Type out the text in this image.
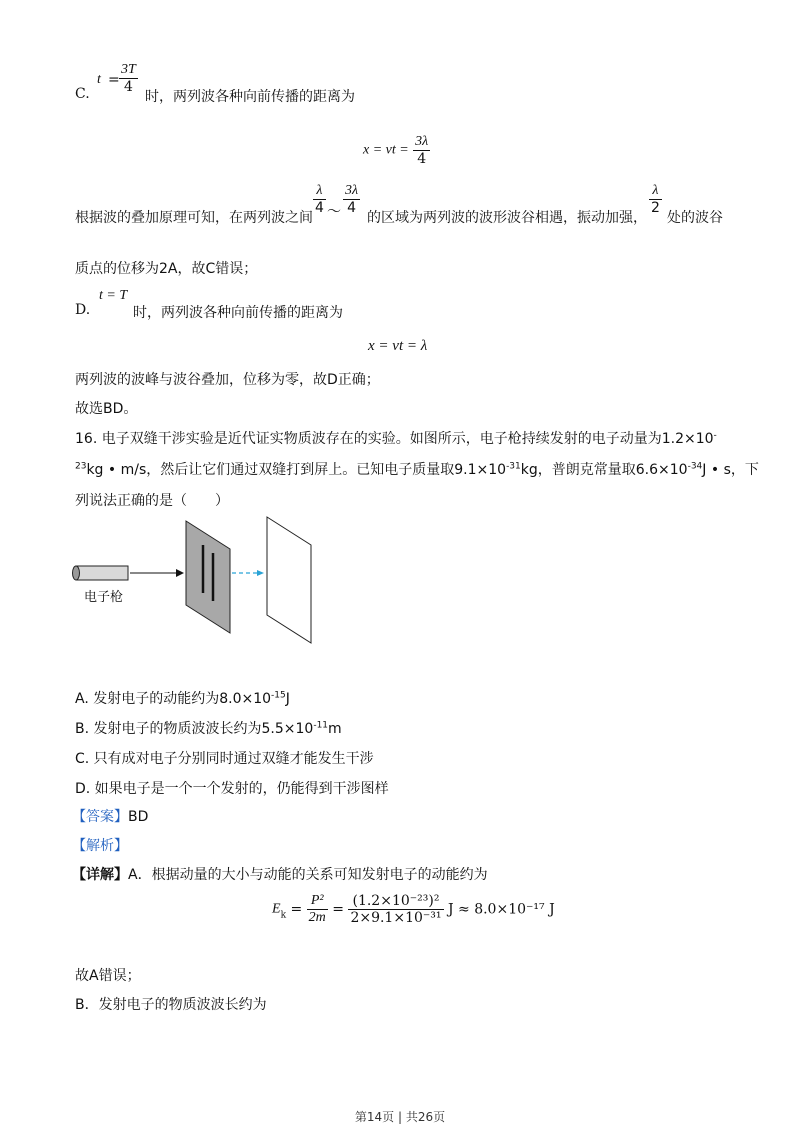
C.
$t = \frac{3T}{4}$
时，两列波各种向前传播的距离为
x = vt = $\frac{3\lambda}{4}$
根据波的叠加原理可知，在两列波之间
$\frac{\lambda}{4}$ ～ $\frac{3\lambda}{4}$
的区域为两列波的波形波谷相遇，振动加强，
$\frac{\lambda}{2}$
处的波谷
质点的位移为2A，故C错误；
D.
t = T
时，两列波各种向前传播的距离为
x = vt = λ
两列波的波峰与波谷叠加，位移为零，故D正确；
故选BD。
16. 电子双缝干涉实验是近代证实物质波存在的实验。如图所示，电子枪持续发射的电子动量为1.2×10-
$^{23}$kg • m/s，然后让它们通过双缝打到屏上。已知电子质量取$9.1\times 10^{-31}kg$，普朗克常量取$6.6\times 10^{-34}J$ • s，下
列说法正确的是（　　）
电子枪
A. 发射电子的动能约为$8.0\times 10^{-15}J$
B. 发射电子的物质波波长约为$5.5\times 10^{-11}m$
C. 只有成对电子分别同时通过双缝才能发生干涉
D. 如果电子是一个一个发射的，仍能得到干涉图样
【答案】BD
【解析】
【详解】A．根据动量的大小与动能的关系可知发射电子的动能约为
$E_k = \frac{\text{P²}}{2m} = \frac{\text{(1.2×10⁻²³)²}}{\text{2×9.1×10⁻³¹}}$ J ≈ 8.0×10⁻¹⁷ J
故A错误；
B．发射电子的物质波波长约为
第14页 | 共26页
